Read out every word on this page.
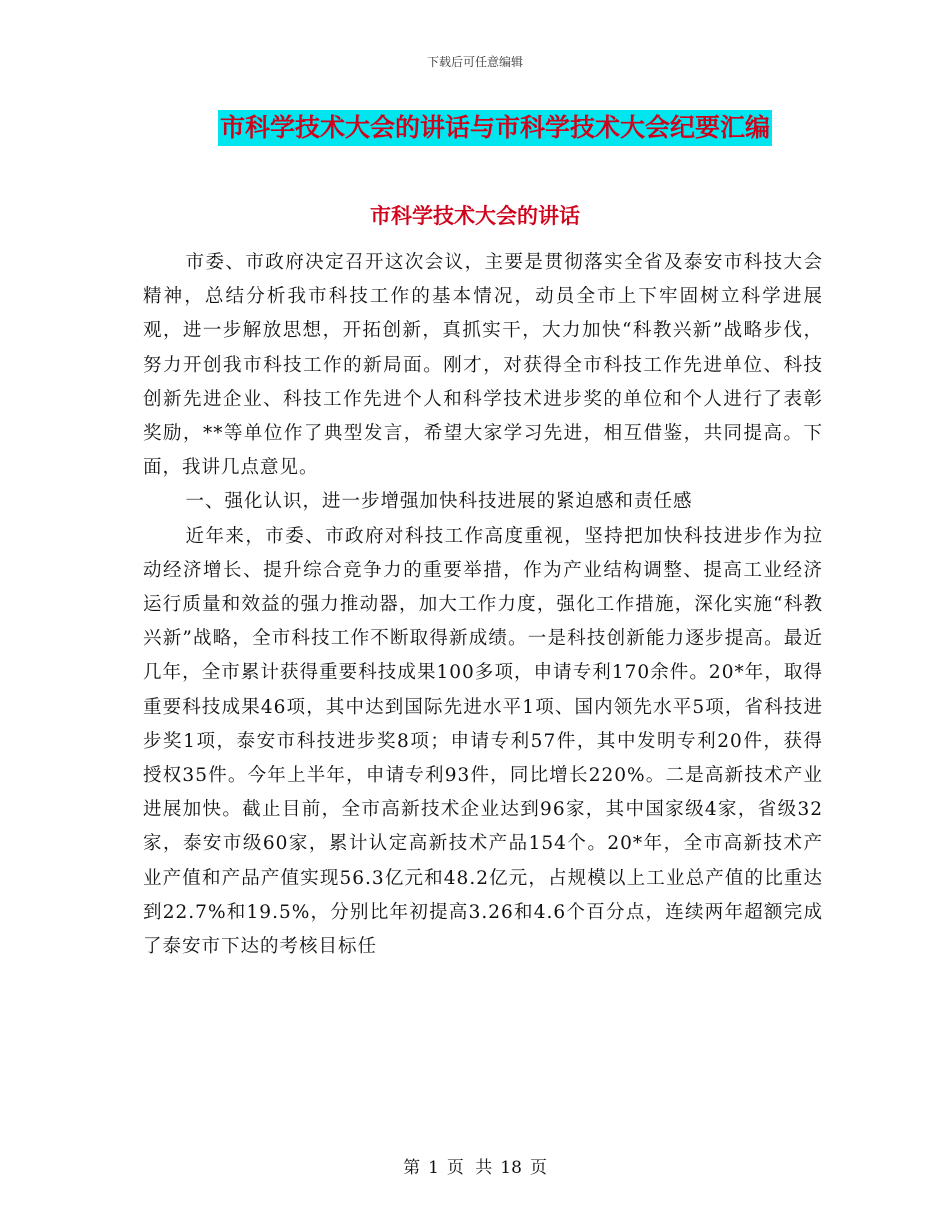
下载后可任意编辑
市科学技术大会的讲话与市科学技术大会纪要汇编
市科学技术大会的讲话

市委、市政府决定召开这次会议，主要是贯彻落实全省及泰安市科技大会精神，总结分析我市科技工作的基本情况，动员全市上下牢固树立科学进展观，进一步解放思想，开拓创新，真抓实干，大力加快“科教兴新”战略步伐，努力开创我市科技工作的新局面。刚才，对获得全市科技工作先进单位、科技创新先进企业、科技工作先进个人和科学技术进步奖的单位和个人进行了表彰奖励，**等单位作了典型发言，希望大家学习先进，相互借鉴，共同提高。下面，我讲几点意见。

一、强化认识，进一步增强加快科技进展的紧迫感和责任感

近年来，市委、市政府对科技工作高度重视，坚持把加快科技进步作为拉动经济增长、提升综合竞争力的重要举措，作为产业结构调整、提高工业经济运行质量和效益的强力推动器，加大工作力度，强化工作措施，深化实施“科教兴新”战略，全市科技工作不断取得新成绩。一是科技创新能力逐步提高。最近几年，全市累计获得重要科技成果100多项，申请专利170余件。20*年，取得重要科技成果46项，其中达到国际先进水平1项、国内领先水平5项，省科技进步奖1项，泰安市科技进步奖8项；申请专利57件，其中发明专利20件，获得授权35件。今年上半年，申请专利93件，同比增长220%。二是高新技术产业进展加快。截止目前，全市高新技术企业达到96家，其中国家级4家，省级32家，泰安市级60家，累计认定高新技术产品154个。20*年，全市高新技术产业产值和产品产值实现56.3亿元和48.2亿元，占规模以上工业总产值的比重达到22.7%和19.5%，分别比年初提高3.26和4.6个百分点，连续两年超额完成了泰安市下达的考核目标任

第 1 页 共 18 页
